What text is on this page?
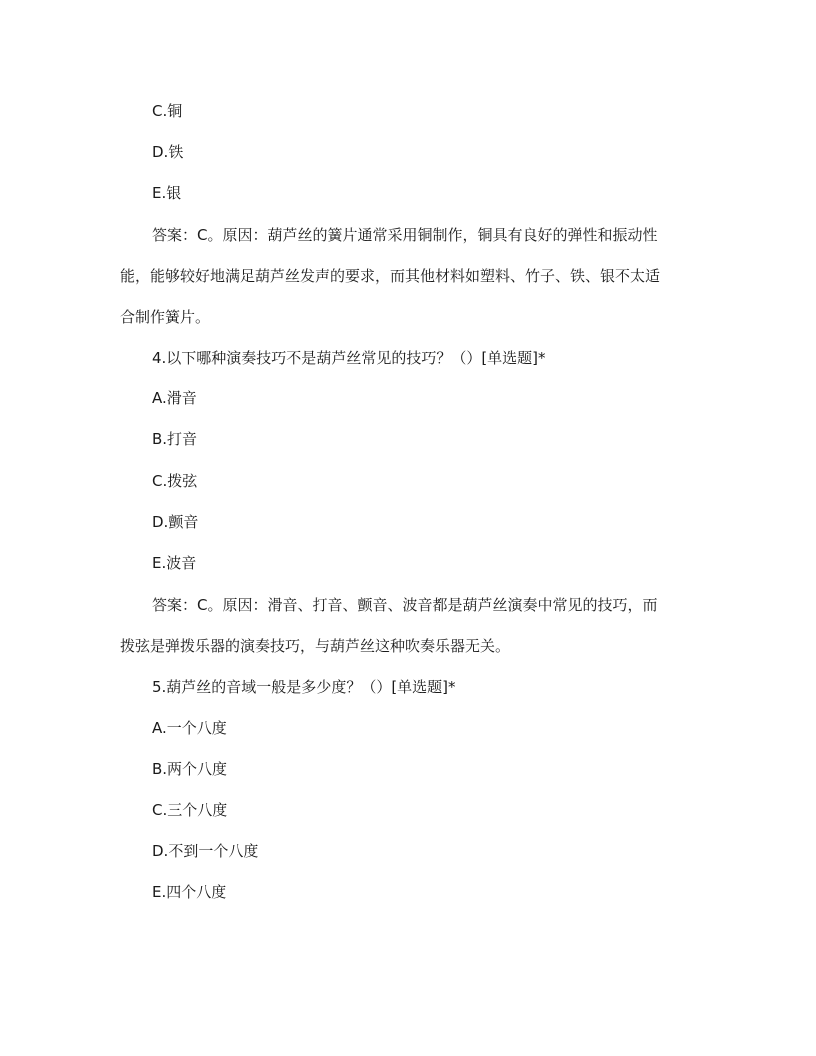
C.铜
D.铁
E.银
答案：C。原因：葫芦丝的簧片通常采用铜制作，铜具有良好的弹性和振动性
能，能够较好地满足葫芦丝发声的要求，而其他材料如塑料、竹子、铁、银不太适
合制作簧片。
4.以下哪种演奏技巧不是葫芦丝常见的技巧？（）[单选题]*
A.滑音
B.打音
C.拨弦
D.颤音
E.波音
答案：C。原因：滑音、打音、颤音、波音都是葫芦丝演奏中常见的技巧，而
拨弦是弹拨乐器的演奏技巧，与葫芦丝这种吹奏乐器无关。
5.葫芦丝的音域一般是多少度？（）[单选题]*
A.一个八度
B.两个八度
C.三个八度
D.不到一个八度
E.四个八度
